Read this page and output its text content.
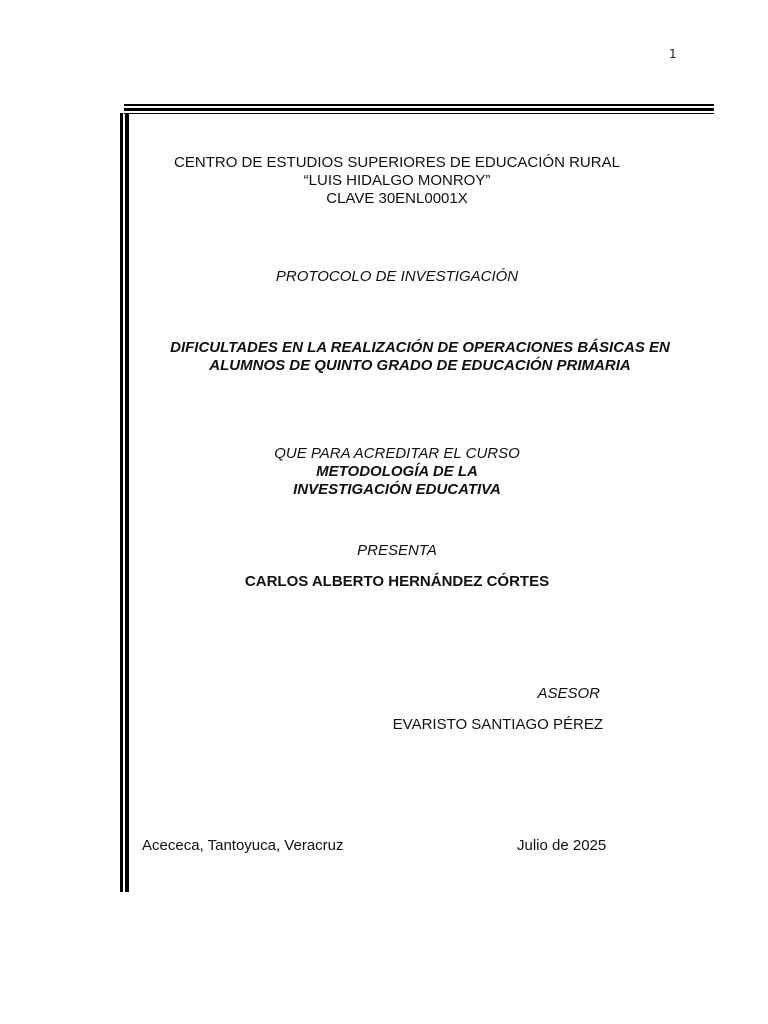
1
CENTRO DE ESTUDIOS SUPERIORES DE EDUCACIÓN RURAL
“LUIS HIDALGO MONROY”
CLAVE 30ENL0001X
PROTOCOLO DE INVESTIGACIÓN
DIFICULTADES EN LA REALIZACIÓN DE OPERACIONES BÁSICAS EN
ALUMNOS DE QUINTO GRADO DE EDUCACIÓN PRIMARIA
QUE PARA ACREDITAR EL CURSO
METODOLOGÍA DE LA
INVESTIGACIÓN EDUCATIVA
PRESENTA
CARLOS ALBERTO HERNÁNDEZ CÓRTES
ASESOR
EVARISTO SANTIAGO PÉREZ
Acececa, Tantoyuca, Veracruz	Julio de 2025
